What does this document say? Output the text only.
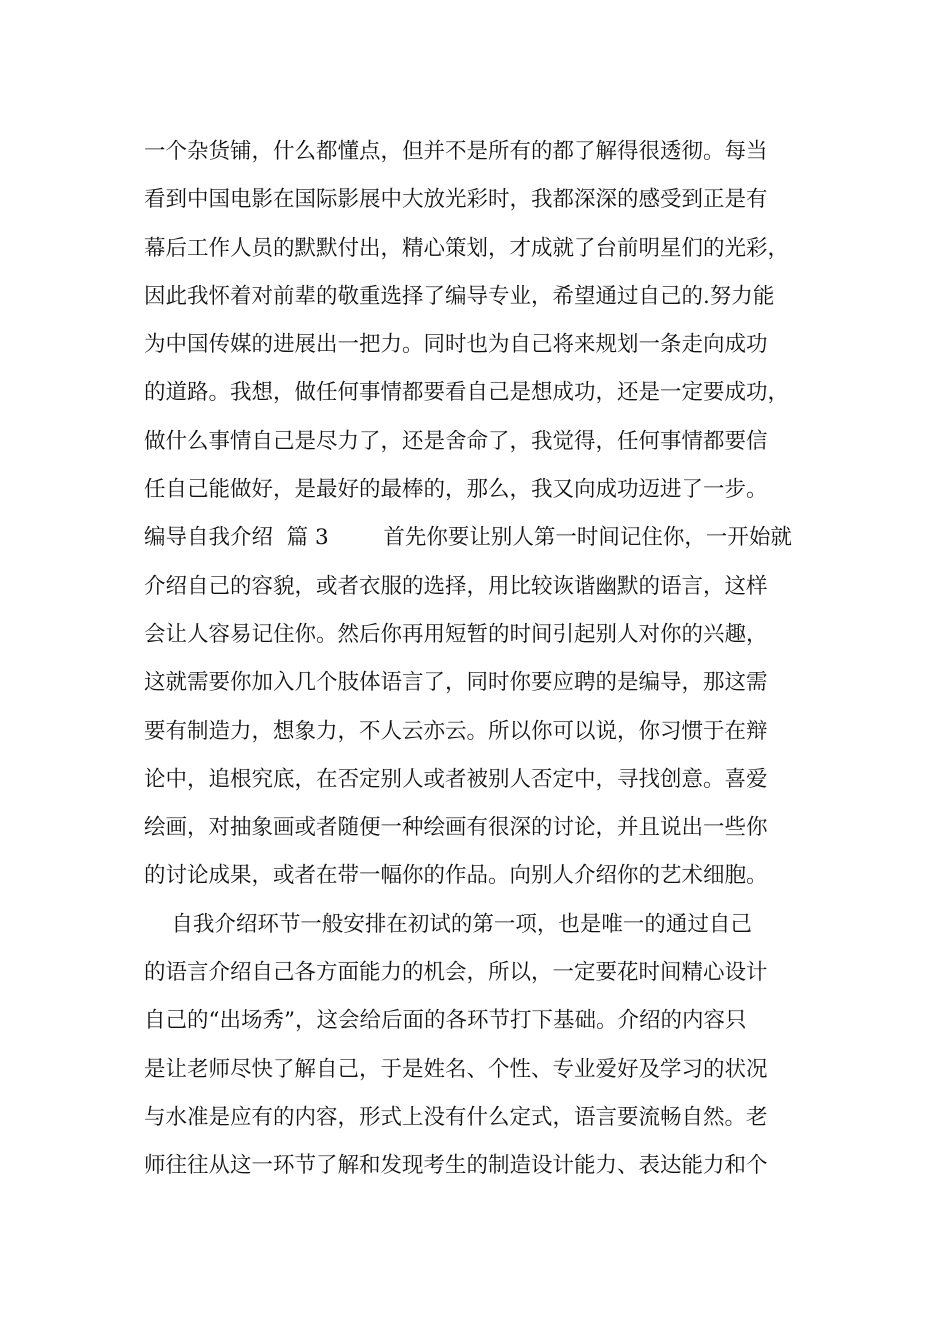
一个杂货铺，什么都懂点，但并不是所有的都了解得很透彻。每当
看到中国电影在国际影展中大放光彩时，我都深深的感受到正是有
幕后工作人员的默默付出，精心策划，才成就了台前明星们的光彩，
因此我怀着对前辈的敬重选择了编导专业，希望通过自己的.努力能
为中国传媒的进展出一把力。同时也为自己将来规划一条走向成功
的道路。我想，做任何事情都要看自己是想成功，还是一定要成功，
做什么事情自己是尽力了，还是舍命了，我觉得，任何事情都要信
任自己能做好，是最好的最棒的，那么，我又向成功迈进了一步。
编导自我介绍  篇 3        首先你要让别人第一时间记住你，一开始就
介绍自己的容貌，或者衣服的选择，用比较诙谐幽默的语言，这样
会让人容易记住你。然后你再用短暂的时间引起别人对你的兴趣，
这就需要你加入几个肢体语言了，同时你要应聘的是编导，那这需
要有制造力，想象力，不人云亦云。所以你可以说，你习惯于在辩
论中，追根究底，在否定别人或者被别人否定中，寻找创意。喜爱
绘画，对抽象画或者随便一种绘画有很深的讨论，并且说出一些你
的讨论成果，或者在带一幅你的作品。向别人介绍你的艺术细胞。
自我介绍环节一般安排在初试的第一项，也是唯一的通过自己
的语言介绍自己各方面能力的机会，所以，一定要花时间精心设计
自己的“出场秀”，这会给后面的各环节打下基础。介绍的内容只
是让老师尽快了解自己，于是姓名、个性、专业爱好及学习的状况
与水准是应有的内容，形式上没有什么定式，语言要流畅自然。老
师往往从这一环节了解和发现考生的制造设计能力、表达能力和个
